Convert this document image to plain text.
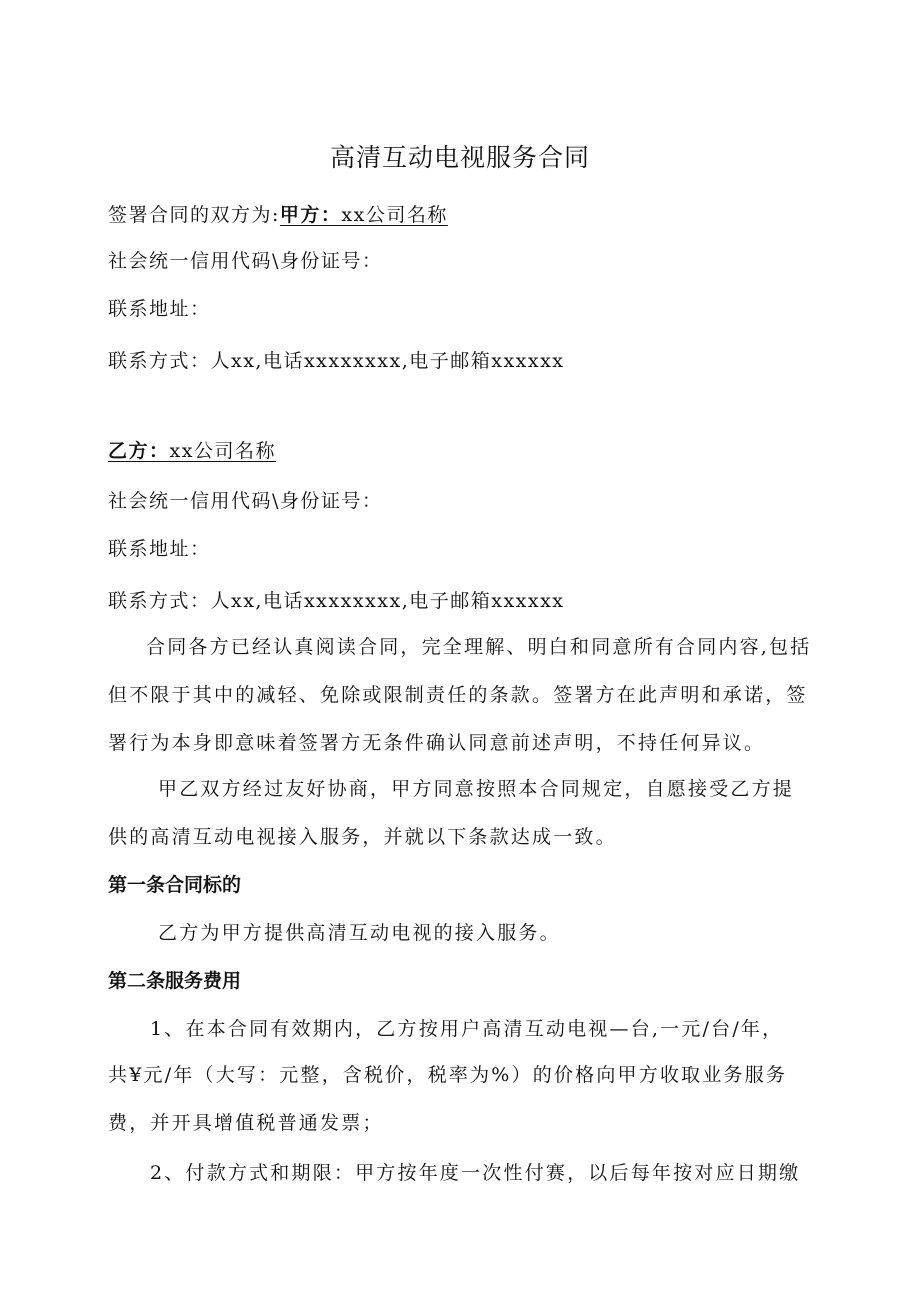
高清互动电视服务合同
签署合同的双方为:甲方：xx公司名称
社会统一信用代码\身份证号：
联系地址：
联系方式：人xx,电话xxxxxxxx,电子邮箱xxxxxx
乙方：xx公司名称
社会统一信用代码\身份证号：
联系地址：
联系方式：人xx,电话xxxxxxxx,电子邮箱xxxxxx
合同各方已经认真阅读合同，完全理解、明白和同意所有合同内容,包括
但不限于其中的减轻、免除或限制责任的条款。签署方在此声明和承诺，签
署行为本身即意味着签署方无条件确认同意前述声明，不持任何异议。
甲乙双方经过友好协商，甲方同意按照本合同规定，自愿接受乙方提
供的高清互动电视接入服务，并就以下条款达成一致。
第一条合同标的
乙方为甲方提供高清互动电视的接入服务。
第二条服务费用
1、在本合同有效期内，乙方按用户高清互动电视—台,一元/台/年，
共¥元/年（大写：元整，含税价，税率为%）的价格向甲方收取业务服务
费，并开具增值税普通发票；
2、付款方式和期限：甲方按年度一次性付赛，以后每年按对应日期缴
